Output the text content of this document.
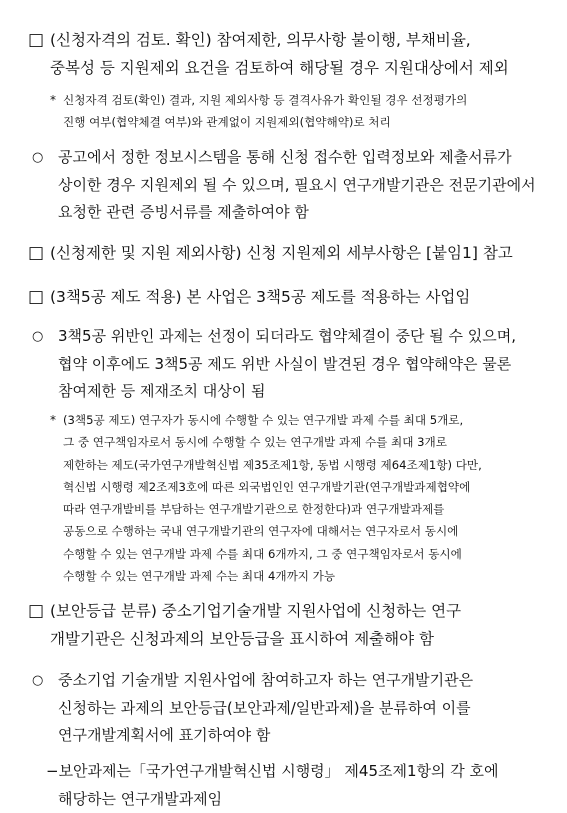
□ (신청자격의 검토. 확인) 참여제한, 의무사항 불이행, 부채비율,
중복성 등 지원제외 요건을 검토하여 해당될 경우 지원대상에서 제외
* 신청자격 검토(확인) 결과, 지원 제외사항 등 결격사유가 확인될 경우 선정평가의
진행 여부(협약체결 여부)와 관계없이 지원제외(협약해약)로 처리
○ 공고에서 정한 정보시스템을 통해 신청 접수한 입력정보와 제출서류가
상이한 경우 지원제외 될 수 있으며, 필요시 연구개발기관은 전문기관에서
요청한 관련 증빙서류를 제출하여야 함
□ (신청제한 및 지원 제외사항) 신청 지원제외 세부사항은 [붙임1] 참고
□ (3책5공 제도 적용) 본 사업은 3책5공 제도를 적용하는 사업임
○ 3책5공 위반인 과제는 선정이 되더라도 협약체결이 중단 될 수 있으며,
협약 이후에도 3책5공 제도 위반 사실이 발견된 경우 협약해약은 물론
참여제한 등 제재조치 대상이 됨
* (3책5공 제도) 연구자가 동시에 수행할 수 있는 연구개발 과제 수를 최대 5개로,
그 중 연구책임자로서 동시에 수행할 수 있는 연구개발 과제 수를 최대 3개로
제한하는 제도(국가연구개발혁신법 제35조제1항, 동법 시행령 제64조제1항) 다만,
혁신법 시행령 제2조제3호에 따른 외국법인인 연구개발기관(연구개발과제협약에
따라 연구개발비를 부담하는 연구개발기관으로 한정한다)과 연구개발과제를
공동으로 수행하는 국내 연구개발기관의 연구자에 대해서는 연구자로서 동시에
수행할 수 있는 연구개발 과제 수를 최대 6개까지, 그 중 연구책임자로서 동시에
수행할 수 있는 연구개발 과제 수는 최대 4개까지 가능
□ (보안등급 분류) 중소기업기술개발 지원사업에 신청하는 연구
개발기관은 신청과제의 보안등급을 표시하여 제출해야 함
○ 중소기업 기술개발 지원사업에 참여하고자 하는 연구개발기관은
신청하는 과제의 보안등급(보안과제/일반과제)을 분류하여 이를
연구개발계획서에 표기하여야 함
−보안과제는「국가연구개발혁신법 시행령」 제45조제1항의 각 호에
해당하는 연구개발과제임
